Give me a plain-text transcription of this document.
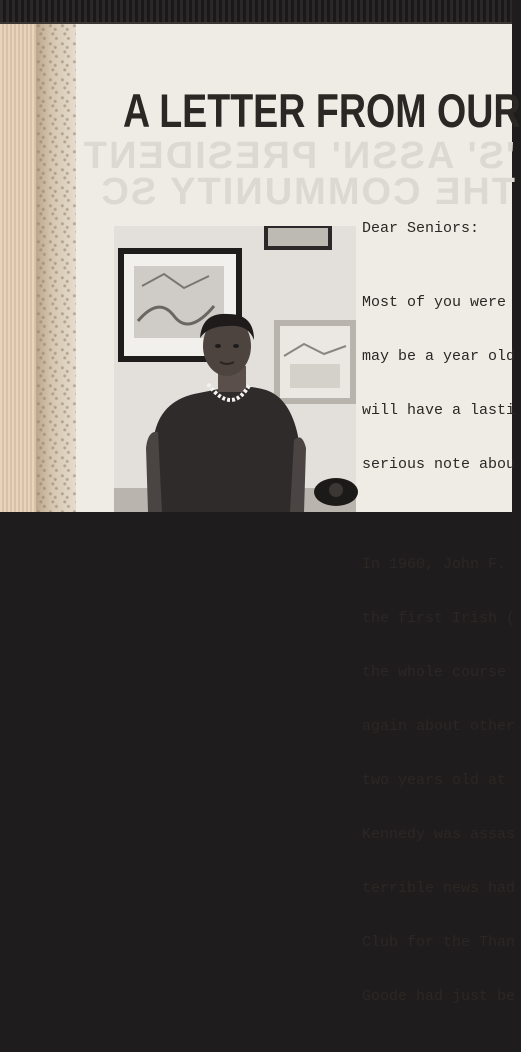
'S' ASSN' PRESIDENT
THE COMMUNITY SC
A LETTER FROM OUR

Dear Seniors:

Most of you were

may be a year old

will have a lasti

serious note abou

In 1960, John F.

the first Irish (

the whole course

again about other

two years old at

Kennedy was assas

terrible news had

Club for the Than

Goode had just be
